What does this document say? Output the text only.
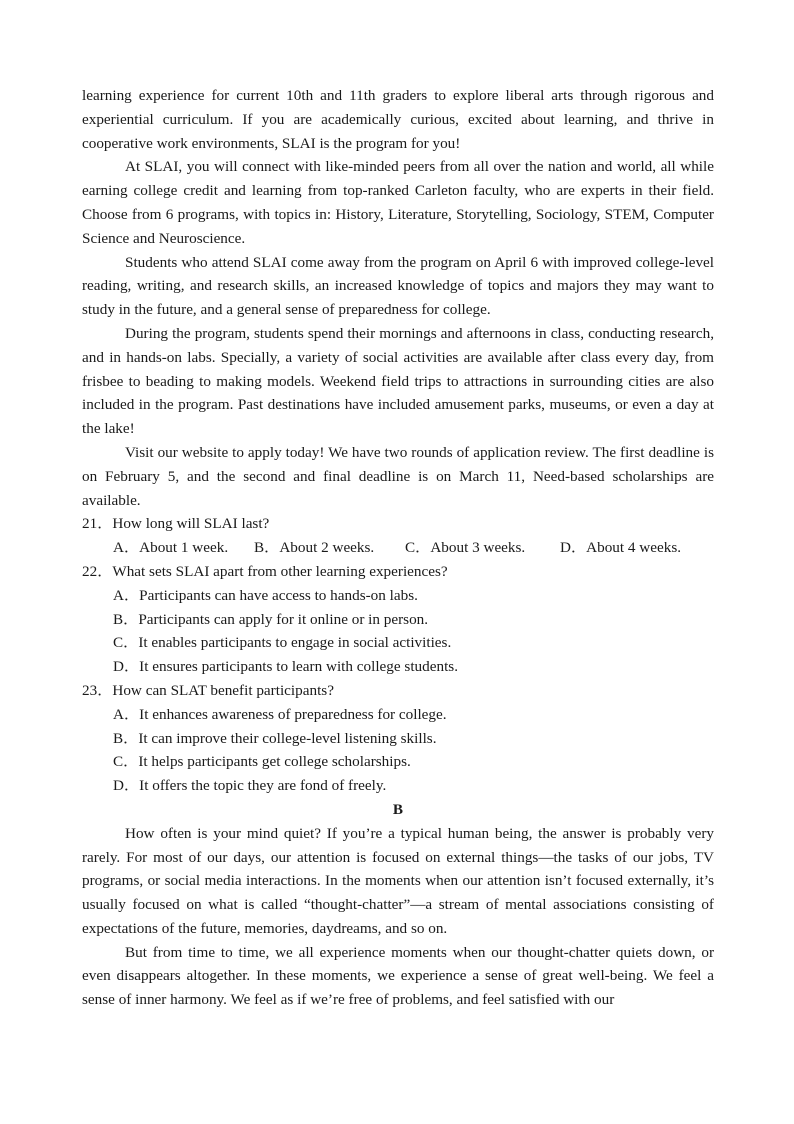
learning experience for current 10th and 11th graders to explore liberal arts through rigorous and experiential curriculum. If you are academically curious, excited about learning, and thrive in cooperative work environments, SLAI is the program for you!

At SLAI, you will connect with like-minded peers from all over the nation and world, all while earning college credit and learning from top-ranked Carleton faculty, who are experts in their field. Choose from 6 programs, with topics in: History, Literature, Storytelling, Sociology, STEM, Computer Science and Neuroscience.

Students who attend SLAI come away from the program on April 6 with improved college-level reading, writing, and research skills, an increased knowledge of topics and majors they may want to study in the future, and a general sense of preparedness for college.

During the program, students spend their mornings and afternoons in class, conducting research, and in hands-on labs. Specially, a variety of social activities are available after class every day, from frisbee to beading to making models. Weekend field trips to attractions in surrounding cities are also included in the program. Past destinations have included amusement parks, museums, or even a day at the lake!

Visit our website to apply today! We have two rounds of application review. The first deadline is on February 5, and the second and final deadline is on March 11, Need-based scholarships are available.

21．How long will SLAI last?
A．About 1 week.	B．About 2 weeks.	C．About 3 weeks.	D．About 4 weeks.
22．What sets SLAI apart from other learning experiences?
A．Participants can have access to hands-on labs.
B．Participants can apply for it online or in person.
C．It enables participants to engage in social activities.
D．It ensures participants to learn with college students.
23．How can SLAT benefit participants?
A．It enhances awareness of preparedness for college.
B．It can improve their college-level listening skills.
C．It helps participants get college scholarships.
D．It offers the topic they are fond of freely.
B

How often is your mind quiet? If you’re a typical human being, the answer is probably very rarely. For most of our days, our attention is focused on external things—the tasks of our jobs, TV programs, or social media interactions. In the moments when our attention isn’t focused externally, it’s usually focused on what is called “thought-chatter”—a stream of mental associations consisting of expectations of the future, memories, daydreams, and so on.

But from time to time, we all experience moments when our thought-chatter quiets down, or even disappears altogether. In these moments, we experience a sense of great well-being. We feel a sense of inner harmony. We feel as if we’re free of problems, and feel satisfied with our
